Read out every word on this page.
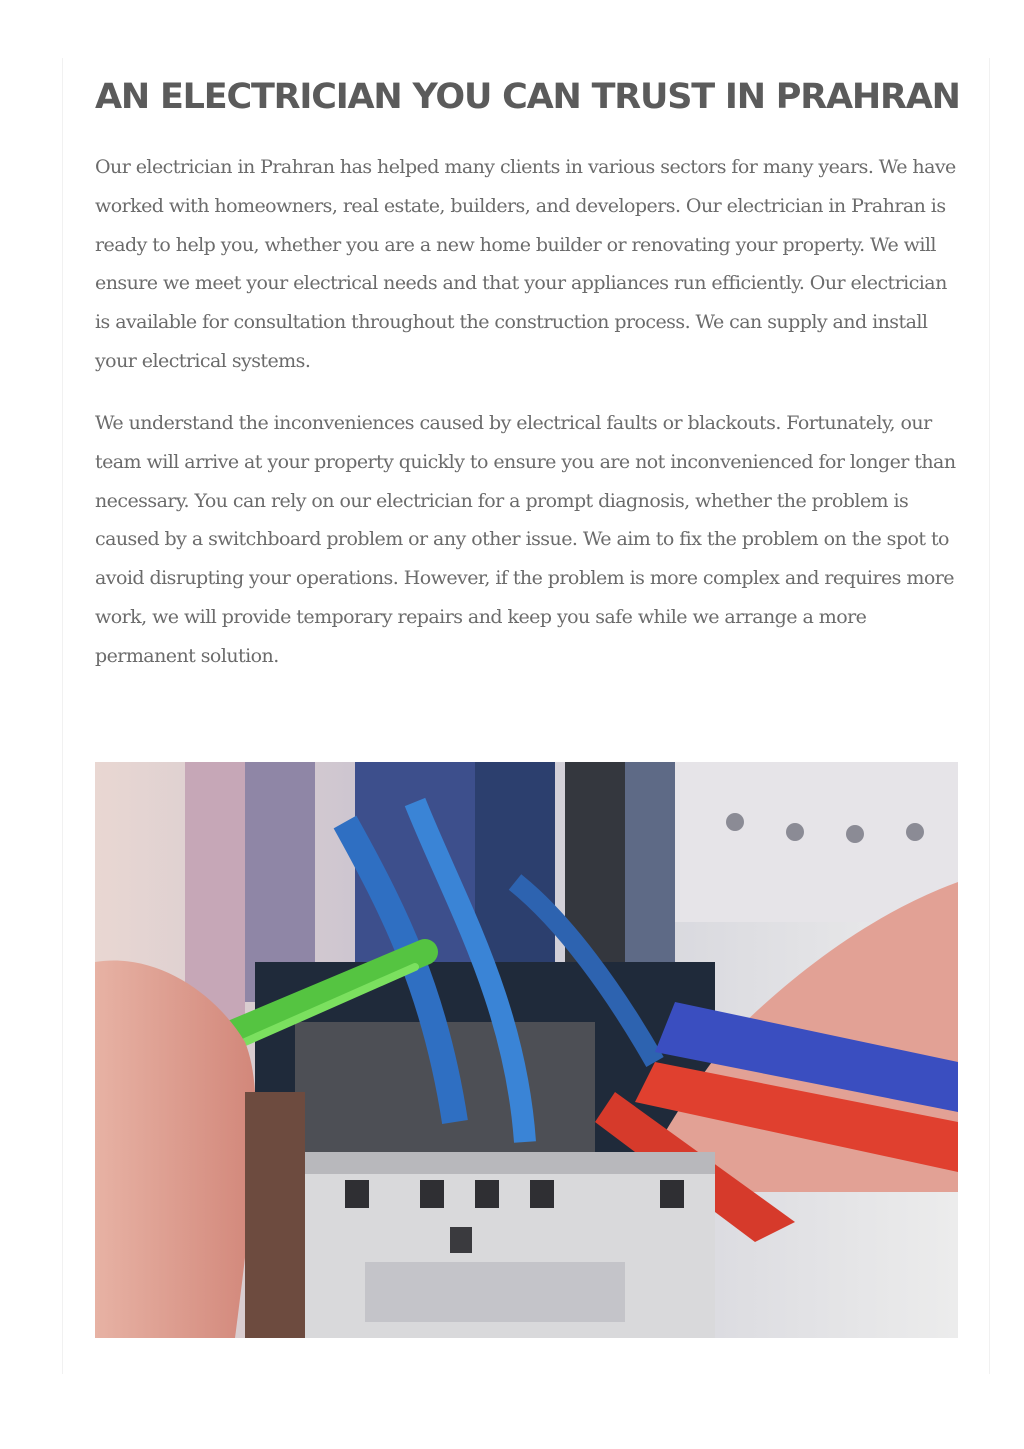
AN ELECTRICIAN YOU CAN TRUST IN PRAHRAN

Our electrician in Prahran has helped many clients in various sectors for many years. We have worked with homeowners, real estate, builders, and developers. Our electrician in Prahran is ready to help you, whether you are a new home builder or renovating your property. We will ensure we meet your electrical needs and that your appliances run efficiently. Our electrician is available for consultation throughout the construction process. We can supply and install your electrical systems.

We understand the inconveniences caused by electrical faults or blackouts. Fortunately, our team will arrive at your property quickly to ensure you are not inconvenienced for longer than necessary. You can rely on our electrician for a prompt diagnosis, whether the problem is caused by a switchboard problem or any other issue. We aim to fix the problem on the spot to avoid disrupting your operations. However, if the problem is more complex and requires more work, we will provide temporary repairs and keep you safe while we arrange a more permanent solution.
